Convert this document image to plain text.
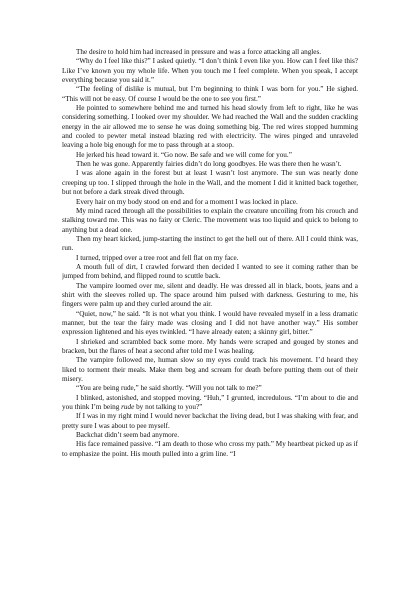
The desire to hold him had increased in pressure and was a force attacking all angles.

“Why do I feel like this?” I asked quietly. “I don’t think I even like you. How can I feel like this? Like I’ve known you my whole life. When you touch me I feel complete. When you speak, I accept everything because you said it.”

“The feeling of dislike is mutual, but I’m beginning to think I was born for you.” He sighed. “This will not be easy. Of course I would be the one to see you first.”

He pointed to somewhere behind me and turned his head slowly from left to right, like he was considering something. I looked over my shoulder. We had reached the Wall and the sudden crackling energy in the air allowed me to sense he was doing something big. The red wires stopped humming and cooled to pewter metal instead blazing red with electricity. The wires pinged and unraveled leaving a hole big enough for me to pass through at a stoop.

He jerked his head toward it. “Go now. Be safe and we will come for you.”

Then he was gone. Apparently fairies didn’t do long goodbyes. He was there then he wasn’t.

I was alone again in the forest but at least I wasn’t lost anymore. The sun was nearly done creeping up too. I slipped through the hole in the Wall, and the moment I did it knitted back together, but not before a dark streak dived through.

Every hair on my body stood on end and for a moment I was locked in place.

My mind raced through all the possibilities to explain the creature uncoiling from his crouch and stalking toward me. This was no fairy or Cleric. The movement was too liquid and quick to belong to anything but a dead one.

Then my heart kicked, jump-starting the instinct to get the hell out of there. All I could think was, run.

I turned, tripped over a tree root and fell flat on my face.

A mouth full of dirt, I crawled forward then decided I wanted to see it coming rather than be jumped from behind, and flipped round to scuttle back.

The vampire loomed over me, silent and deadly. He was dressed all in black, boots, jeans and a shirt with the sleeves rolled up. The space around him pulsed with darkness. Gesturing to me, his fingers were palm up and they curled around the air.

“Quiet, now,” he said. “It is not what you think. I would have revealed myself in a less dramatic manner, but the tear the fairy made was closing and I did not have another way.” His somber expression lightened and his eyes twinkled. “I have already eaten; a skinny girl, bitter.”

I shrieked and scrambled back some more. My hands were scraped and gouged by stones and bracken, but the flares of heat a second after told me I was healing.

The vampire followed me, human slow so my eyes could track his movement. I’d heard they liked to torment their meals. Make them beg and scream for death before putting them out of their misery.

“You are being rude,” he said shortly. “Will you not talk to me?”

I blinked, astonished, and stopped moving. “Huh,” I grunted, incredulous. “I’m about to die and you think I’m being rude by not talking to you?”

If I was in my right mind I would never backchat the living dead, but I was shaking with fear, and pretty sure I was about to pee myself.

Backchat didn’t seem bad anymore.

His face remained passive. “I am death to those who cross my path.” My heartbeat picked up as if to emphasize the point. His mouth pulled into a grim line. “I
